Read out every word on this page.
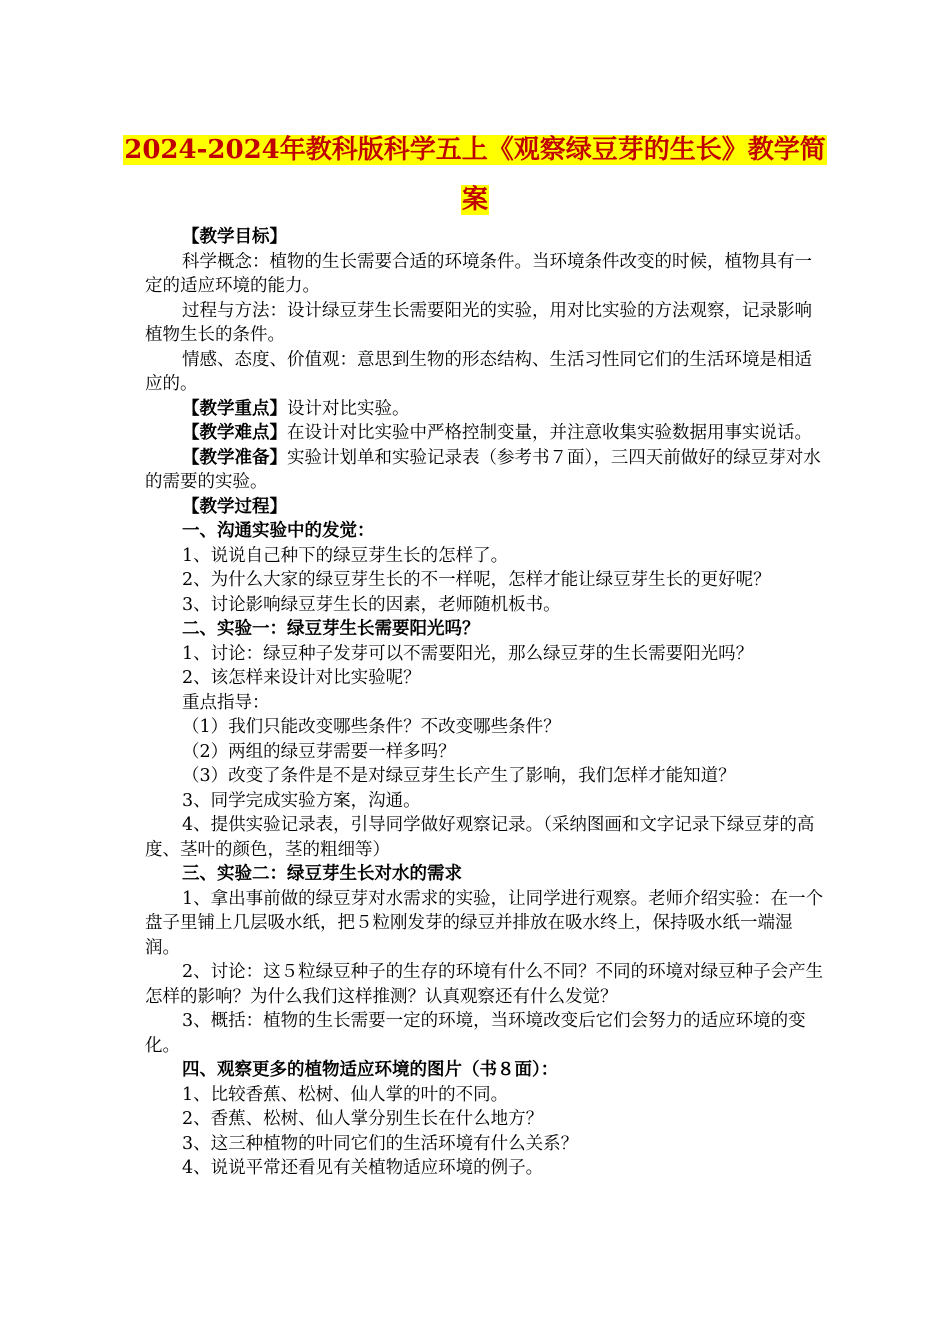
2024-2024年教科版科学五上《观察绿豆芽的生长》教学简
案

【教学目标】

科学概念：植物的生长需要合适的环境条件。当环境条件改变的时候，植物具有一定的适应环境的能力。

过程与方法：设计绿豆芽生长需要阳光的实验，用对比实验的方法观察，记录影响植物生长的条件。

情感、态度、价值观：意思到生物的形态结构、生活习性同它们的生活环境是相适应的。

【教学重点】设计对比实验。

【教学难点】在设计对比实验中严格控制变量，并注意收集实验数据用事实说话。

【教学准备】实验计划单和实验记录表（参考书７面），三四天前做好的绿豆芽对水的需要的实验。

【教学过程】

一、沟通实验中的发觉：

1、说说自己种下的绿豆芽生长的怎样了。

2、为什么大家的绿豆芽生长的不一样呢，怎样才能让绿豆芽生长的更好呢？

3、讨论影响绿豆芽生长的因素，老师随机板书。

二、实验一：绿豆芽生长需要阳光吗？

1、讨论：绿豆种子发芽可以不需要阳光，那么绿豆芽的生长需要阳光吗？

2、该怎样来设计对比实验呢？

重点指导：

（1）我们只能改变哪些条件？不改变哪些条件？

（2）两组的绿豆芽需要一样多吗？

（3）改变了条件是不是对绿豆芽生长产生了影响，我们怎样才能知道？

3、同学完成实验方案，沟通。

4、提供实验记录表，引导同学做好观察记录。（采纳图画和文字记录下绿豆芽的高度、茎叶的颜色，茎的粗细等）

三、实验二：绿豆芽生长对水的需求

1、拿出事前做的绿豆芽对水需求的实验，让同学进行观察。老师介绍实验：在一个盘子里铺上几层吸水纸，把５粒刚发芽的绿豆并排放在吸水终上，保持吸水纸一端湿润。

2、讨论：这５粒绿豆种子的生存的环境有什么不同？不同的环境对绿豆种子会产生怎样的影响？为什么我们这样推测？认真观察还有什么发觉？

3、概括：植物的生长需要一定的环境，当环境改变后它们会努力的适应环境的变化。

四、观察更多的植物适应环境的图片（书８面）：

1、比较香蕉、松树、仙人掌的叶的不同。

2、香蕉、松树、仙人掌分别生长在什么地方？

3、这三种植物的叶同它们的生活环境有什么关系？

4、说说平常还看见有关植物适应环境的例子。
